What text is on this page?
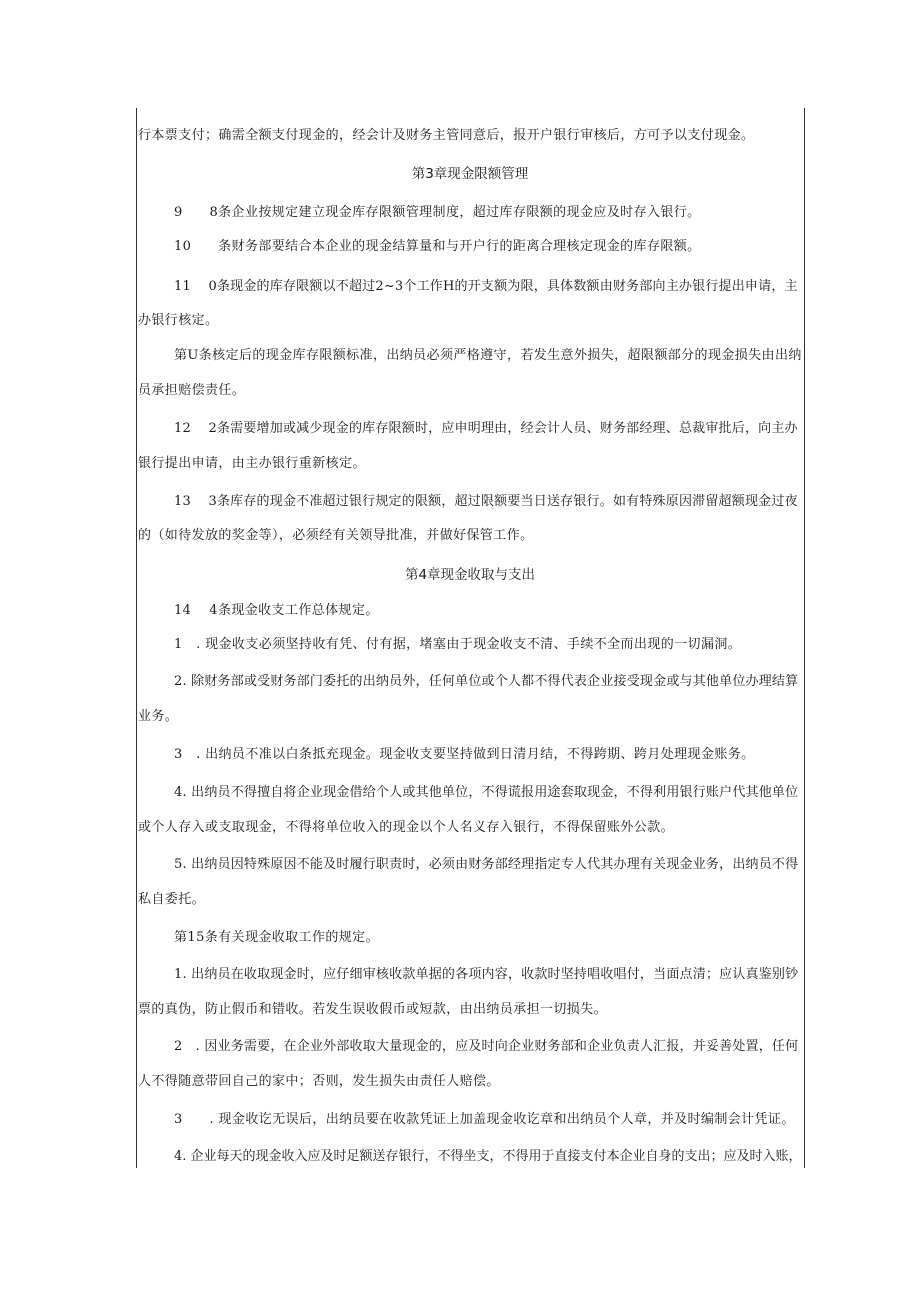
行本票支付；确需全额支付现金的，经会计及财务主管同意后，报开户银行审核后，方可予以支付现金。
第3章现金限额管理
9　　8条企业按规定建立现金库存限额管理制度，超过库存限额的现金应及时存入银行。
10　　条财务部要结合本企业的现金结算量和与开户行的距离合理核定现金的库存限额。
11　 0条现金的库存限额以不超过2~3个工作H的开支额为限，具体数额由财务部向主办银行提出申请，主
办银行核定。
第U条核定后的现金库存限额标准，出纳员必须严格遵守，若发生意外损失，超限额部分的现金损失由出纳
员承担赔偿责任。
12　 2条需要增加或减少现金的库存限额时，应申明理由，经会计人员、财务部经理、总裁审批后，向主办
银行提出申请，由主办银行重新核定。
13　 3条库存的现金不准超过银行规定的限额，超过限额要当日送存银行。如有特殊原因滞留超额现金过夜
的（如待发放的奖金等），必须经有关领导批准，并做好保管工作。
第4章现金收取与支出
14　 4条现金收支工作总体规定。
1　. 现金收支必须坚持收有凭、付有据，堵塞由于现金收支不清、手续不全而出现的一切漏洞。
2. 除财务部或受财务部门委托的出纳员外，任何单位或个人都不得代表企业接受现金或与其他单位办理结算
业务。
3　. 出纳员不准以白条抵充现金。现金收支要坚持做到日清月结，不得跨期、跨月处理现金账务。
4. 出纳员不得擅自将企业现金借给个人或其他单位，不得谎报用途套取现金，不得利用银行账户代其他单位
或个人存入或支取现金，不得将单位收入的现金以个人名义存入银行，不得保留账外公款。
5. 出纳员因特殊原因不能及时履行职责时，必须由财务部经理指定专人代其办理有关现金业务，出纳员不得
私自委托。
第15条有关现金收取工作的规定。
1. 出纳员在收取现金时，应仔细审核收款单据的各项内容，收款时坚持唱收唱付，当面点清；应认真鉴别钞
票的真伪，防止假币和错收。若发生误收假币或短款，由出纳员承担一切损失。
2　. 因业务需要，在企业外部收取大量现金的，应及时向企业财务部和企业负责人汇报，并妥善处置，任何
人不得随意带回自己的家中；否则，发生损失由责任人赔偿。
3　　. 现金收讫无误后，出纳员要在收款凭证上加盖现金收讫章和出纳员个人章，并及时编制会计凭证。
4. 企业每天的现金收入应及时足额送存银行，不得坐支，不得用于直接支付本企业自身的支出；应及时入账，
